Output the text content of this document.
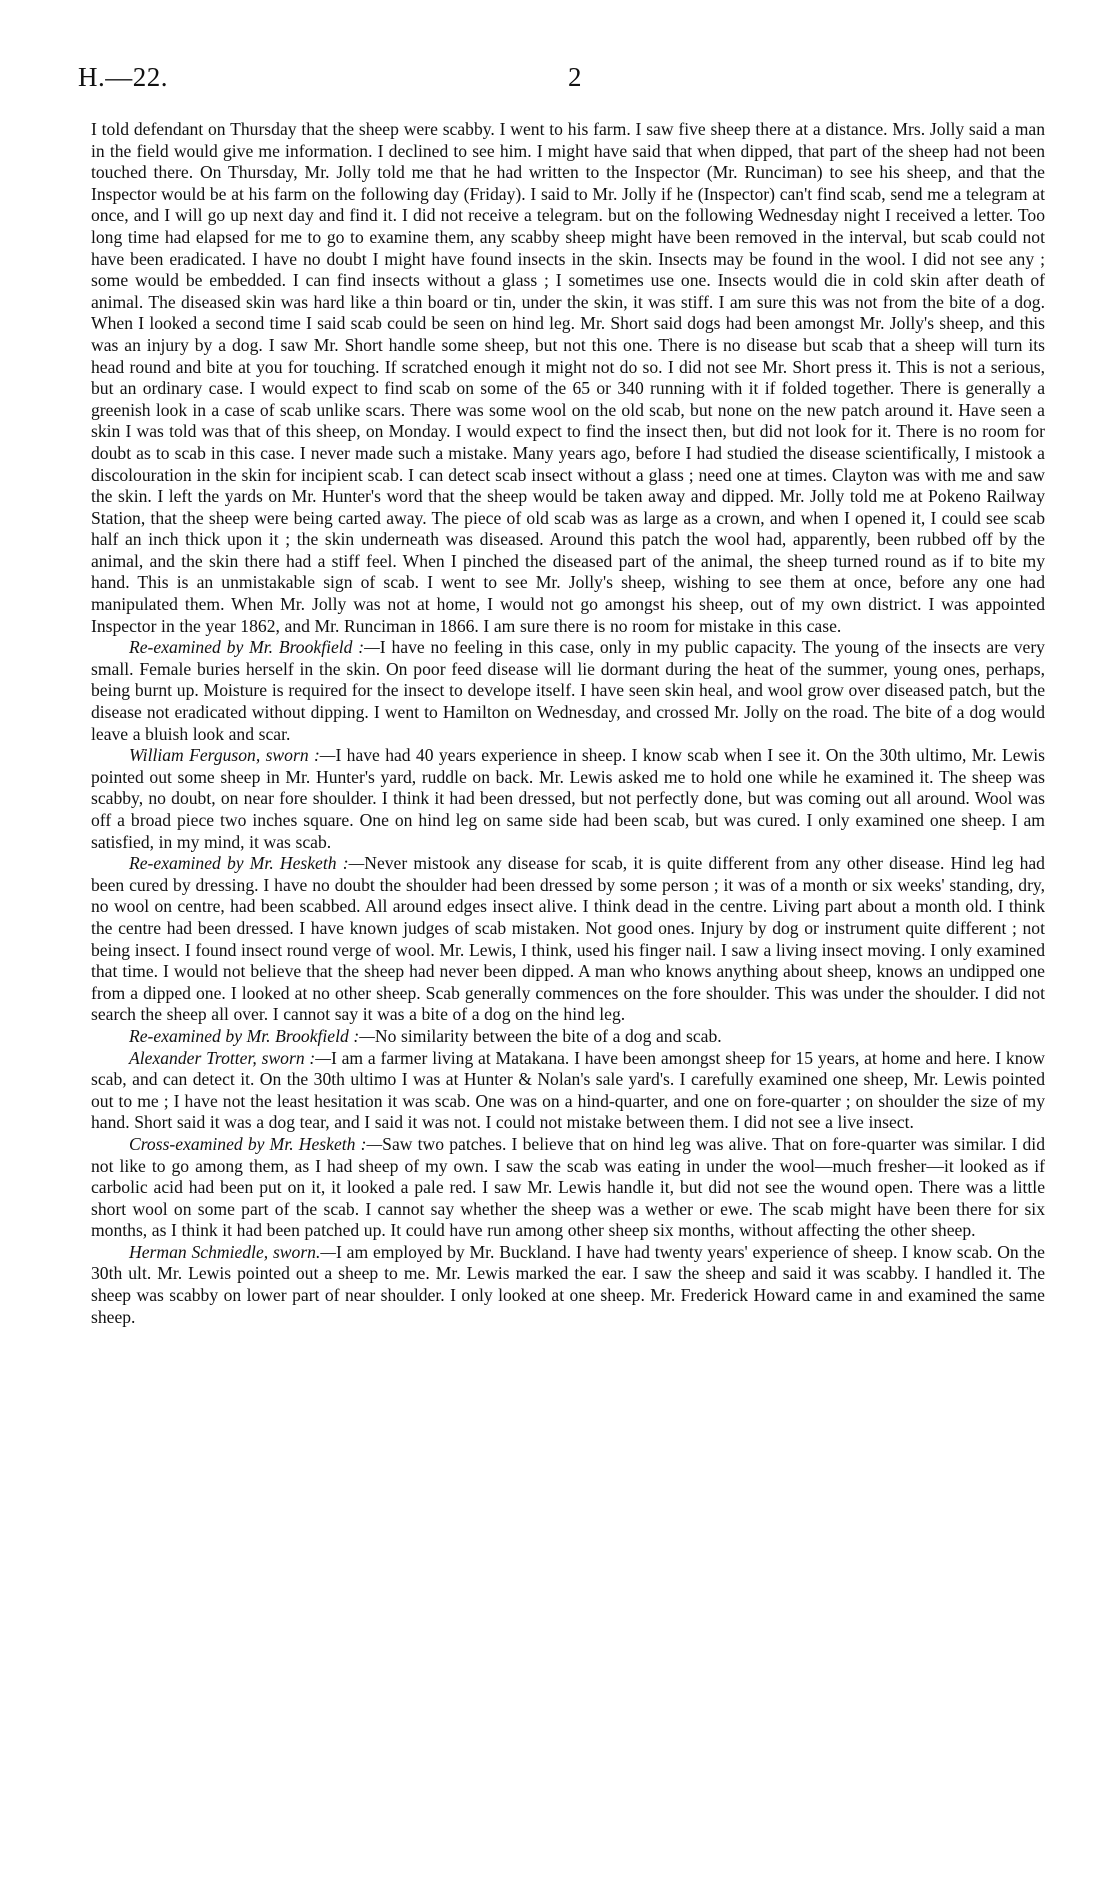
H.—22.	2

I told defendant on Thursday that the sheep were scabby. I went to his farm. I saw five sheep there at a distance. Mrs. Jolly said a man in the field would give me information. I declined to see him. I might have said that when dipped, that part of the sheep had not been touched there. On Thursday, Mr. Jolly told me that he had written to the Inspector (Mr. Runciman) to see his sheep, and that the Inspector would be at his farm on the following day (Friday). I said to Mr. Jolly if he (Inspector) can't find scab, send me a telegram at once, and I will go up next day and find it. I did not receive a telegram. but on the following Wednesday night I received a letter. Too long time had elapsed for me to go to examine them, any scabby sheep might have been removed in the interval, but scab could not have been eradicated. I have no doubt I might have found insects in the skin. Insects may be found in the wool. I did not see any ; some would be embedded. I can find insects without a glass ; I sometimes use one. Insects would die in cold skin after death of animal. The diseased skin was hard like a thin board or tin, under the skin, it was stiff. I am sure this was not from the bite of a dog. When I looked a second time I said scab could be seen on hind leg. Mr. Short said dogs had been amongst Mr. Jolly's sheep, and this was an injury by a dog. I saw Mr. Short handle some sheep, but not this one. There is no disease but scab that a sheep will turn its head round and bite at you for touching. If scratched enough it might not do so. I did not see Mr. Short press it. This is not a serious, but an ordinary case. I would expect to find scab on some of the 65 or 340 running with it if folded together. There is generally a greenish look in a case of scab unlike scars. There was some wool on the old scab, but none on the new patch around it. Have seen a skin I was told was that of this sheep, on Monday. I would expect to find the insect then, but did not look for it. There is no room for doubt as to scab in this case. I never made such a mistake. Many years ago, before I had studied the disease scientifically, I mistook a discolouration in the skin for incipient scab. I can detect scab insect without a glass ; need one at times. Clayton was with me and saw the skin. I left the yards on Mr. Hunter's word that the sheep would be taken away and dipped. Mr. Jolly told me at Pokeno Railway Station, that the sheep were being carted away. The piece of old scab was as large as a crown, and when I opened it, I could see scab half an inch thick upon it ; the skin underneath was diseased. Around this patch the wool had, apparently, been rubbed off by the animal, and the skin there had a stiff feel. When I pinched the diseased part of the animal, the sheep turned round as if to bite my hand. This is an unmistakable sign of scab. I went to see Mr. Jolly's sheep, wishing to see them at once, before any one had manipulated them. When Mr. Jolly was not at home, I would not go amongst his sheep, out of my own district. I was appointed Inspector in the year 1862, and Mr. Runciman in 1866. I am sure there is no room for mistake in this case.

Re-examined by Mr. Brookfield :—I have no feeling in this case, only in my public capacity. The young of the insects are very small. Female buries herself in the skin. On poor feed disease will lie dormant during the heat of the summer, young ones, perhaps, being burnt up. Moisture is required for the insect to develope itself. I have seen skin heal, and wool grow over diseased patch, but the disease not eradicated without dipping. I went to Hamilton on Wednesday, and crossed Mr. Jolly on the road. The bite of a dog would leave a bluish look and scar.

William Ferguson, sworn :—I have had 40 years experience in sheep. I know scab when I see it. On the 30th ultimo, Mr. Lewis pointed out some sheep in Mr. Hunter's yard, ruddle on back. Mr. Lewis asked me to hold one while he examined it. The sheep was scabby, no doubt, on near fore shoulder. I think it had been dressed, but not perfectly done, but was coming out all around. Wool was off a broad piece two inches square. One on hind leg on same side had been scab, but was cured. I only examined one sheep. I am satisfied, in my mind, it was scab.

Re-examined by Mr. Hesketh :—Never mistook any disease for scab, it is quite different from any other disease. Hind leg had been cured by dressing. I have no doubt the shoulder had been dressed by some person ; it was of a month or six weeks' standing, dry, no wool on centre, had been scabbed. All around edges insect alive. I think dead in the centre. Living part about a month old. I think the centre had been dressed. I have known judges of scab mistaken. Not good ones. Injury by dog or instrument quite different ; not being insect. I found insect round verge of wool. Mr. Lewis, I think, used his finger nail. I saw a living insect moving. I only examined that time. I would not believe that the sheep had never been dipped. A man who knows anything about sheep, knows an undipped one from a dipped one. I looked at no other sheep. Scab generally commences on the fore shoulder. This was under the shoulder. I did not search the sheep all over. I cannot say it was a bite of a dog on the hind leg.

Re-examined by Mr. Brookfield :—No similarity between the bite of a dog and scab.

Alexander Trotter, sworn :—I am a farmer living at Matakana. I have been amongst sheep for 15 years, at home and here. I know scab, and can detect it. On the 30th ultimo I was at Hunter & Nolan's sale yard's. I carefully examined one sheep, Mr. Lewis pointed out to me ; I have not the least hesitation it was scab. One was on a hind-quarter, and one on fore-quarter ; on shoulder the size of my hand. Short said it was a dog tear, and I said it was not. I could not mistake between them. I did not see a live insect.

Cross-examined by Mr. Hesketh :—Saw two patches. I believe that on hind leg was alive. That on fore-quarter was similar. I did not like to go among them, as I had sheep of my own. I saw the scab was eating in under the wool—much fresher—it looked as if carbolic acid had been put on it, it looked a pale red. I saw Mr. Lewis handle it, but did not see the wound open. There was a little short wool on some part of the scab. I cannot say whether the sheep was a wether or ewe. The scab might have been there for six months, as I think it had been patched up. It could have run among other sheep six months, without affecting the other sheep.

Herman Schmiedle, sworn.—I am employed by Mr. Buckland. I have had twenty years' experience of sheep. I know scab. On the 30th ult. Mr. Lewis pointed out a sheep to me. Mr. Lewis marked the ear. I saw the sheep and said it was scabby. I handled it. The sheep was scabby on lower part of near shoulder. I only looked at one sheep. Mr. Frederick Howard came in and examined the same sheep.
